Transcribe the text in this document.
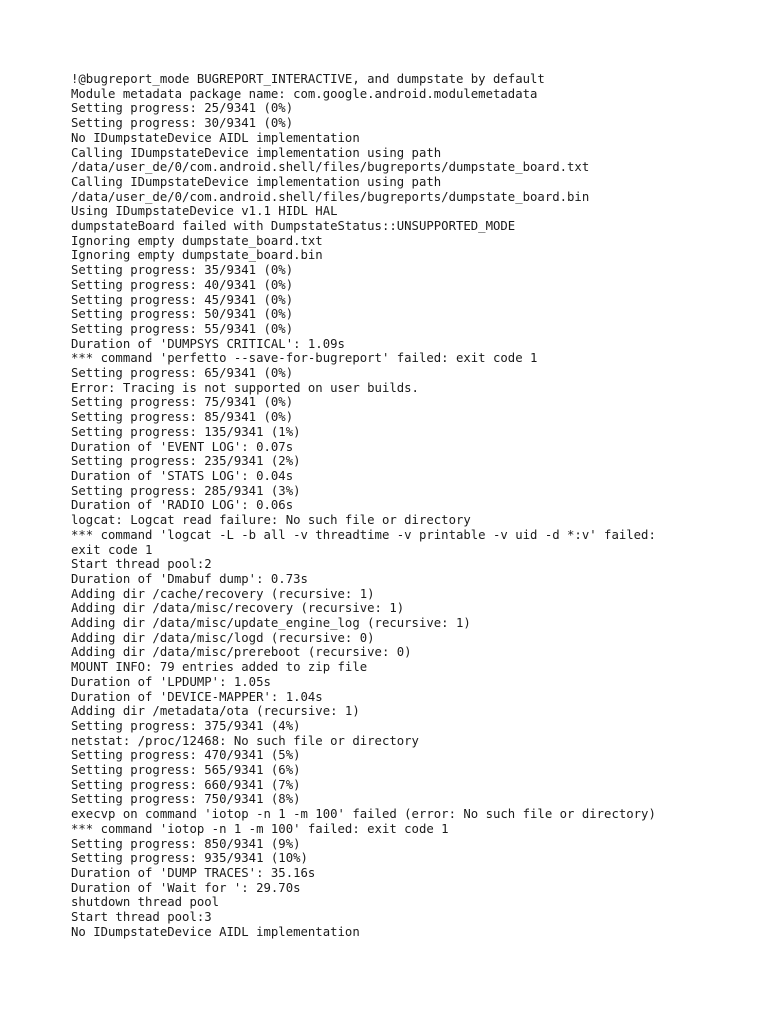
!@bugreport_mode BUGREPORT_INTERACTIVE, and dumpstate by default
Module metadata package name: com.google.android.modulemetadata
Setting progress: 25/9341 (0%)
Setting progress: 30/9341 (0%)
No IDumpstateDevice AIDL implementation
Calling IDumpstateDevice implementation using path
/data/user_de/0/com.android.shell/files/bugreports/dumpstate_board.txt
Calling IDumpstateDevice implementation using path
/data/user_de/0/com.android.shell/files/bugreports/dumpstate_board.bin
Using IDumpstateDevice v1.1 HIDL HAL
dumpstateBoard failed with DumpstateStatus::UNSUPPORTED_MODE
Ignoring empty dumpstate_board.txt
Ignoring empty dumpstate_board.bin
Setting progress: 35/9341 (0%)
Setting progress: 40/9341 (0%)
Setting progress: 45/9341 (0%)
Setting progress: 50/9341 (0%)
Setting progress: 55/9341 (0%)
Duration of 'DUMPSYS CRITICAL': 1.09s
*** command 'perfetto --save-for-bugreport' failed: exit code 1
Setting progress: 65/9341 (0%)
Error: Tracing is not supported on user builds.
Setting progress: 75/9341 (0%)
Setting progress: 85/9341 (0%)
Setting progress: 135/9341 (1%)
Duration of 'EVENT LOG': 0.07s
Setting progress: 235/9341 (2%)
Duration of 'STATS LOG': 0.04s
Setting progress: 285/9341 (3%)
Duration of 'RADIO LOG': 0.06s
logcat: Logcat read failure: No such file or directory
*** command 'logcat -L -b all -v threadtime -v printable -v uid -d *:v' failed:
exit code 1
Start thread pool:2
Duration of 'Dmabuf dump': 0.73s
Adding dir /cache/recovery (recursive: 1)
Adding dir /data/misc/recovery (recursive: 1)
Adding dir /data/misc/update_engine_log (recursive: 1)
Adding dir /data/misc/logd (recursive: 0)
Adding dir /data/misc/prereboot (recursive: 0)
MOUNT INFO: 79 entries added to zip file
Duration of 'LPDUMP': 1.05s
Duration of 'DEVICE-MAPPER': 1.04s
Adding dir /metadata/ota (recursive: 1)
Setting progress: 375/9341 (4%)
netstat: /proc/12468: No such file or directory
Setting progress: 470/9341 (5%)
Setting progress: 565/9341 (6%)
Setting progress: 660/9341 (7%)
Setting progress: 750/9341 (8%)
execvp on command 'iotop -n 1 -m 100' failed (error: No such file or directory)
*** command 'iotop -n 1 -m 100' failed: exit code 1
Setting progress: 850/9341 (9%)
Setting progress: 935/9341 (10%)
Duration of 'DUMP TRACES': 35.16s
Duration of 'Wait for ': 29.70s
shutdown thread pool
Start thread pool:3
No IDumpstateDevice AIDL implementation
